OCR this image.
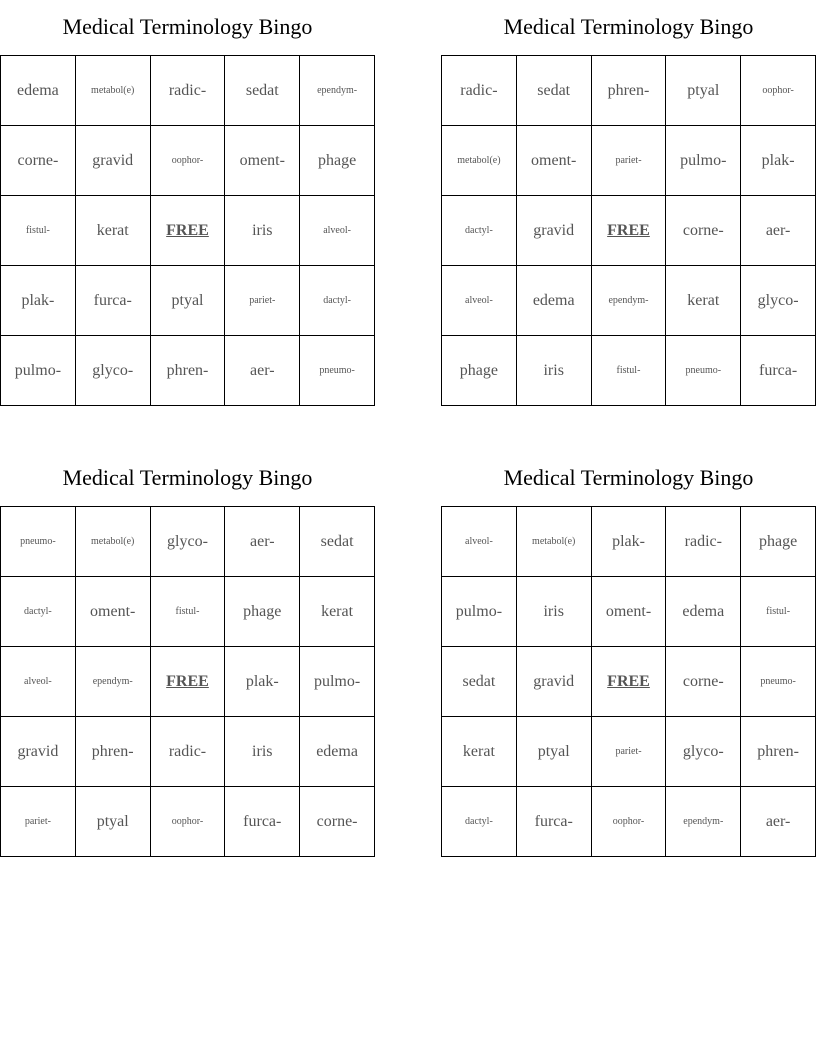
Medical Terminology Bingo
edema	metabol(e)	radic-	sedat	ependym-
corne-	gravid	oophor-	oment-	phage
fistul-	kerat	FREE	iris	alveol-
plak-	furca-	ptyal	pariet-	dactyl-
pulmo-	glyco-	phren-	aer-	pneumo-
Medical Terminology Bingo
radic-	sedat	phren-	ptyal	oophor-
metabol(e)	oment-	pariet-	pulmo-	plak-
dactyl-	gravid	FREE	corne-	aer-
alveol-	edema	ependym-	kerat	glyco-
phage	iris	fistul-	pneumo-	furca-
Medical Terminology Bingo
pneumo-	metabol(e)	glyco-	aer-	sedat
dactyl-	oment-	fistul-	phage	kerat
alveol-	ependym-	FREE	plak-	pulmo-
gravid	phren-	radic-	iris	edema
pariet-	ptyal	oophor-	furca-	corne-
Medical Terminology Bingo
alveol-	metabol(e)	plak-	radic-	phage
pulmo-	iris	oment-	edema	fistul-
sedat	gravid	FREE	corne-	pneumo-
kerat	ptyal	pariet-	glyco-	phren-
dactyl-	furca-	oophor-	ependym-	aer-
